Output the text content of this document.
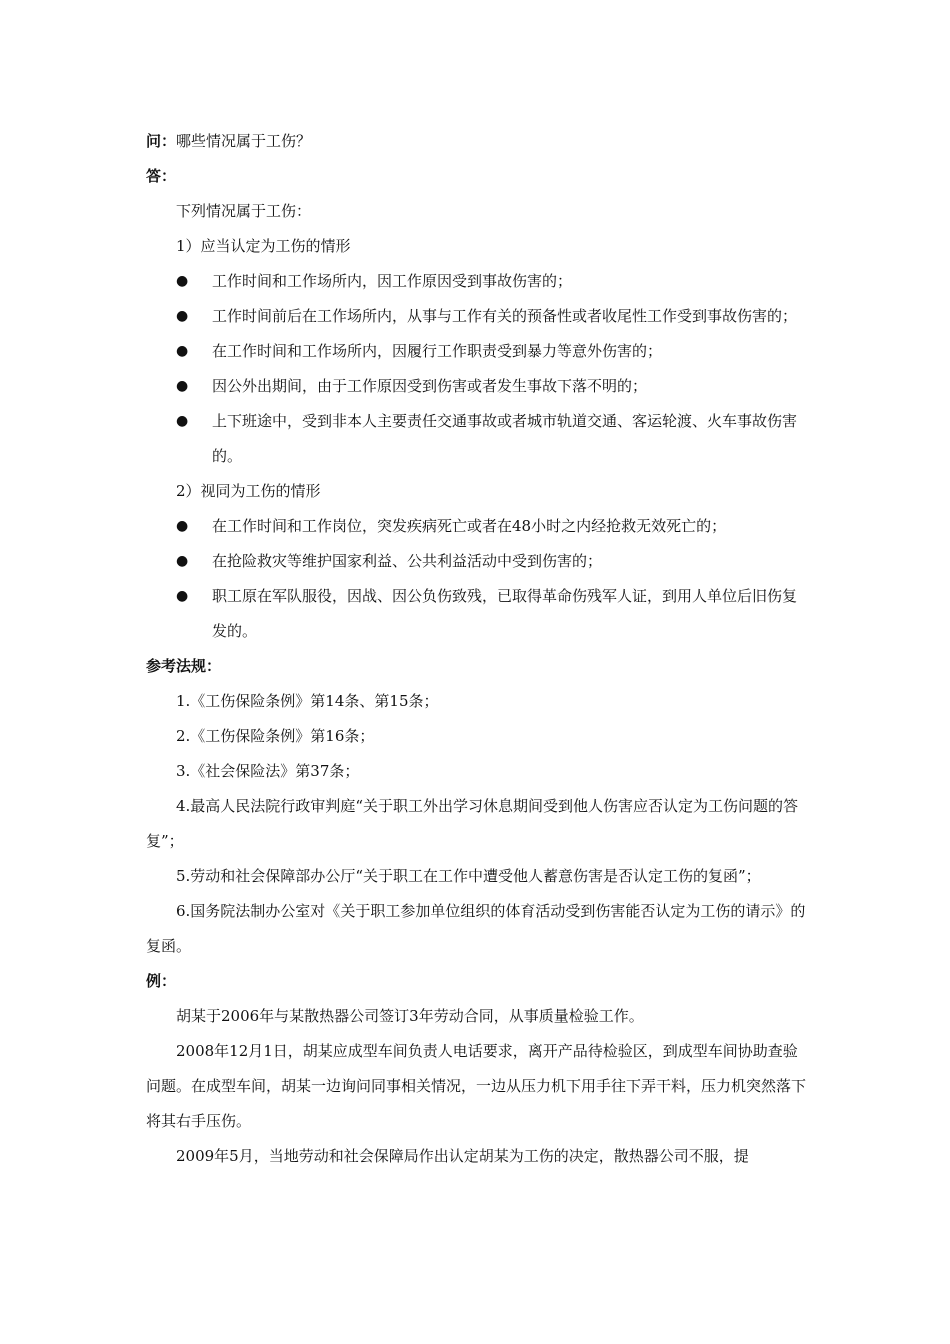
问：哪些情况属于工伤？
答：
下列情况属于工伤：
1）应当认定为工伤的情形
●	工作时间和工作场所内，因工作原因受到事故伤害的；
●	工作时间前后在工作场所内，从事与工作有关的预备性或者收尾性工作受到事故伤害的；
●	在工作时间和工作场所内，因履行工作职责受到暴力等意外伤害的；
●	因公外出期间，由于工作原因受到伤害或者发生事故下落不明的；
●	上下班途中，受到非本人主要责任交通事故或者城市轨道交通、客运轮渡、火车事故伤害的。
2）视同为工伤的情形
●	在工作时间和工作岗位，突发疾病死亡或者在48小时之内经抢救无效死亡的；
●	在抢险救灾等维护国家利益、公共利益活动中受到伤害的；
●	职工原在军队服役，因战、因公负伤致残，已取得革命伤残军人证，到用人单位后旧伤复发的。
参考法规：
1.《工伤保险条例》第14条、第15条；
2.《工伤保险条例》第16条；
3.《社会保险法》第37条；
4.最高人民法院行政审判庭“关于职工外出学习休息期间受到他人伤害应否认定为工伤问题的答复”；
5.劳动和社会保障部办公厅“关于职工在工作中遭受他人蓄意伤害是否认定工伤的复函”；
6.国务院法制办公室对《关于职工参加单位组织的体育活动受到伤害能否认定为工伤的请示》的复函。
例：
胡某于2006年与某散热器公司签订3年劳动合同，从事质量检验工作。
2008年12月1日，胡某应成型车间负责人电话要求，离开产品待检验区，到成型车间协助查验问题。在成型车间，胡某一边询问同事相关情况，一边从压力机下用手往下弄干料，压力机突然落下将其右手压伤。
2009年5月，当地劳动和社会保障局作出认定胡某为工伤的决定，散热器公司不服，提
